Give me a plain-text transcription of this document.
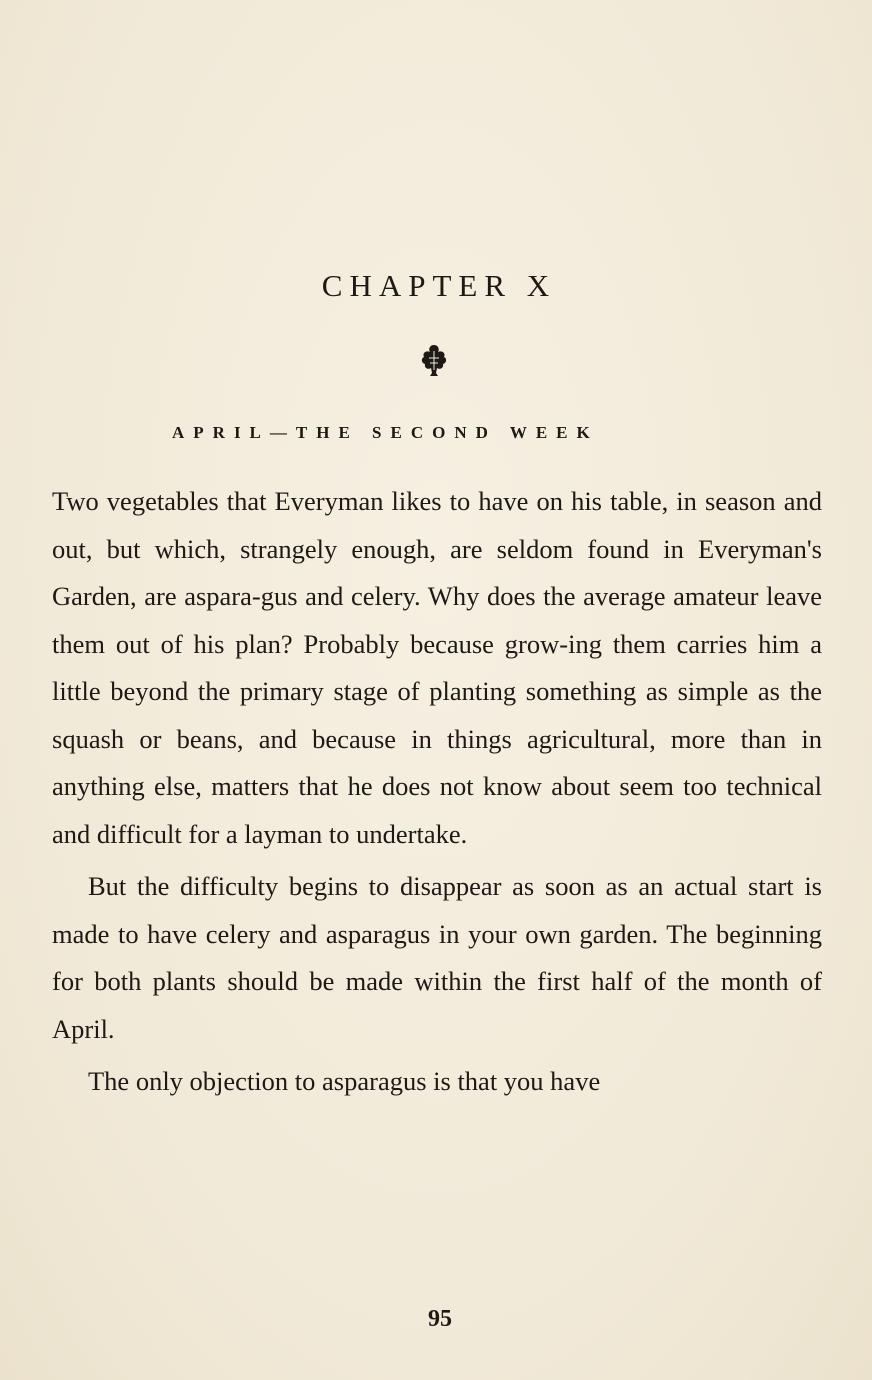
CHAPTER X
APRIL—THE SECOND WEEK

Two vegetables that Everyman likes to have on his table, in season and out, but which, strangely enough, are seldom found in Everyman's Garden, are aspara-gus and celery. Why does the average amateur leave them out of his plan? Probably because grow-ing them carries him a little beyond the primary stage of planting something as simple as the squash or beans, and because in things agricultural, more than in anything else, matters that he does not know about seem too technical and difficult for a layman to undertake.

But the difficulty begins to disappear as soon as an actual start is made to have celery and asparagus in your own garden. The beginning for both plants should be made within the first half of the month of April.

The only objection to asparagus is that you have

95
